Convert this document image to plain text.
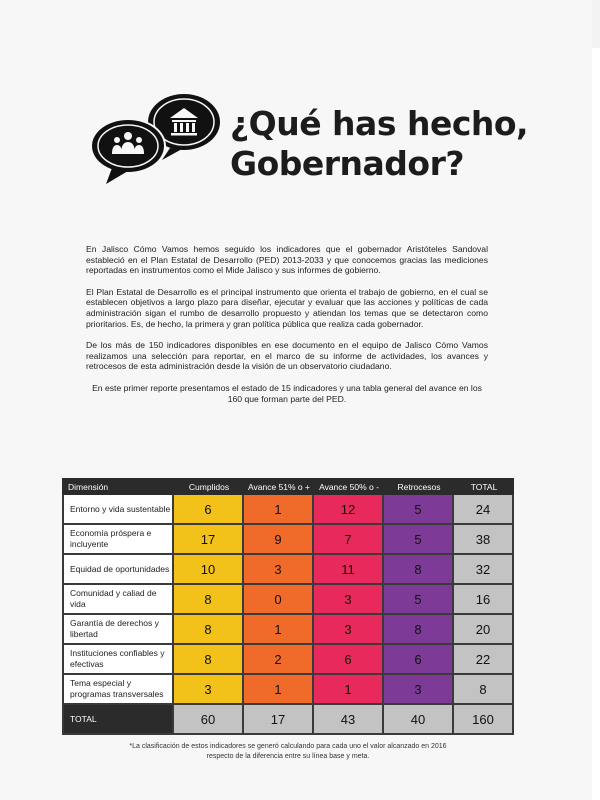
¿Qué has hecho,
Gobernador?

En Jalisco Cómo Vamos hemos seguido los indicadores que el gobernador Aristóteles Sandoval estableció en el Plan Estatal de Desarrollo (PED) 2013-2033 y que conocemos gracias las mediciones reportadas en instrumentos como el Mide Jalisco y sus informes de gobierno.

El Plan Estatal de Desarrollo es el principal instrumento que orienta el trabajo de gobierno, en el cual se establecen objetivos a largo plazo para diseñar, ejecutar y evaluar que las acciones y políticas de cada administración sigan el rumbo de desarrollo propuesto y atiendan los temas que se detectaron como prioritarios. Es, de hecho, la primera y gran política pública que realiza cada gobernador.

De los más de 150 indicadores disponibles en ese documento en el equipo de Jalisco Cómo Vamos realizamos una selección para reportar, en el marco de su informe de actividades, los avances y retrocesos de esta administración desde la visión de un observatorio ciudadano.

En este primer reporte presentamos el estado de 15 indicadores y una tabla general del avance en los 160 que forman parte del PED.

Dimensión	Cumplidos	Avance 51% o +	Avance 50% o -	Retrocesos	TOTAL
Entorno y vida sustentable	6	1	12	5	24
Economía próspera e incluyente	17	9	7	5	38
Equidad de oportunidades	10	3	11	8	32
Comunidad y caliad de vida	8	0	3	5	16
Garantía de derechos y libertad	8	1	3	8	20
Instituciones confiables y efectivas	8	2	6	6	22
Tema especial y programas transversales	3	1	1	3	8
TOTAL	60	17	43	40	160
*La clasificación de estos indicadores se generó calculando para cada uno el valor alcanzado en 2016 respecto de la diferencia entre su línea base y meta.
